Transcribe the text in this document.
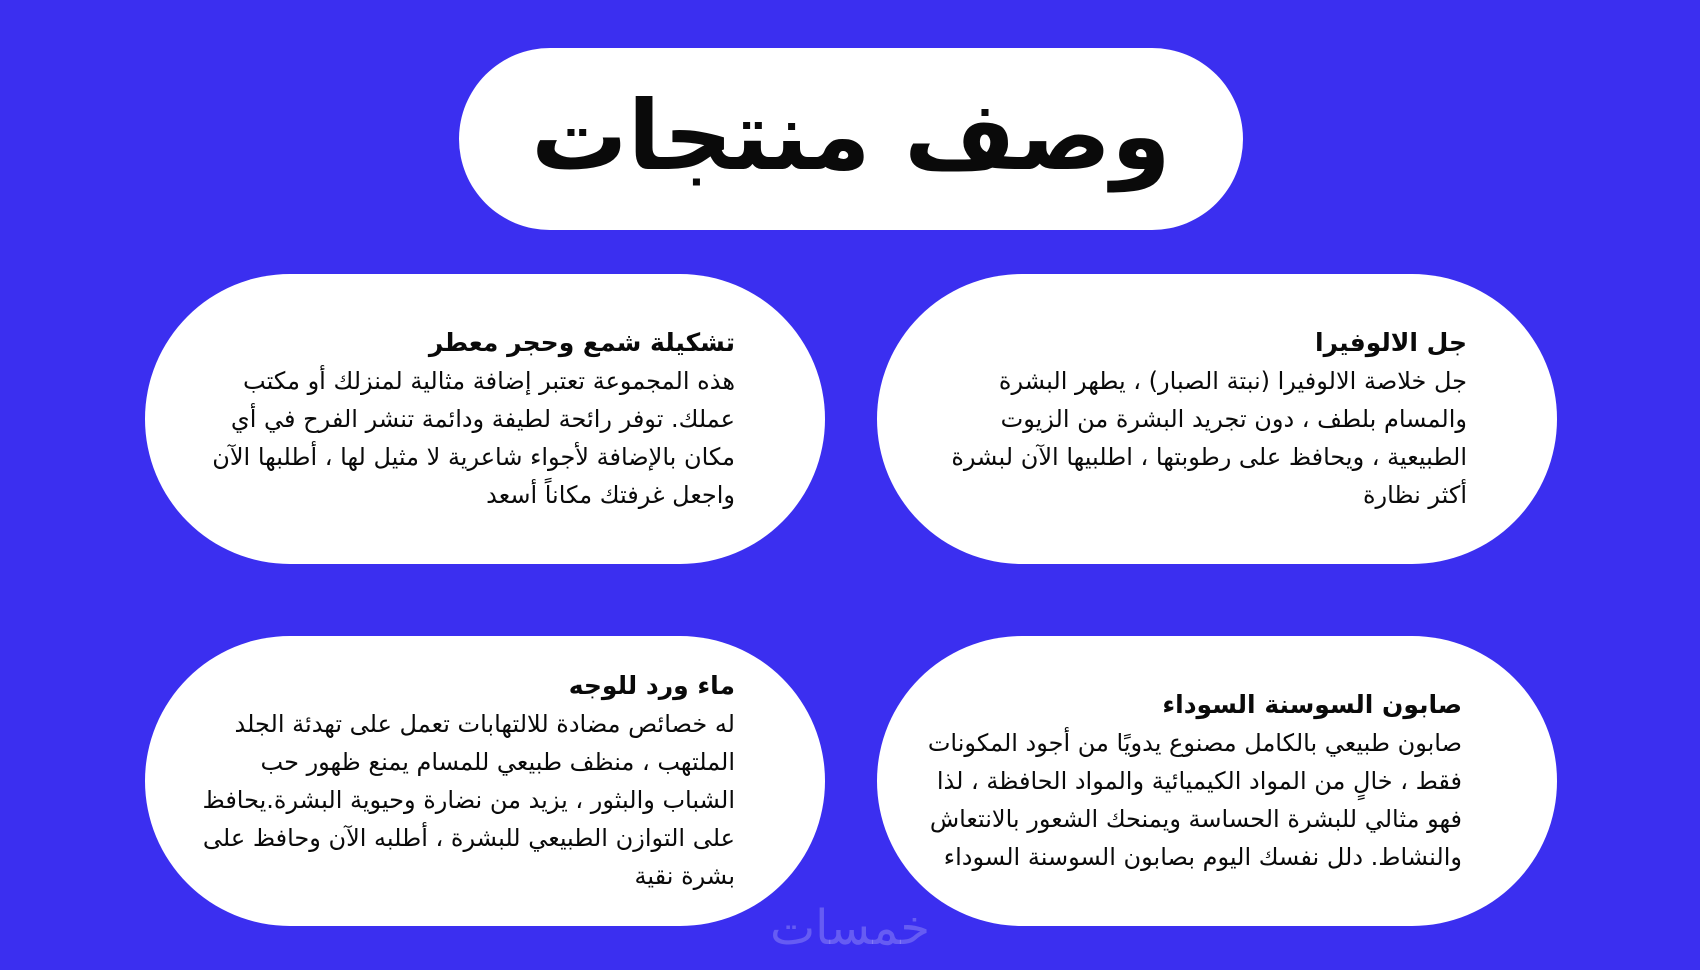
وصف منتجات

جل الالوفيرا

جل خلاصة الالوفيرا (نبتة الصبار) ، يطهر البشرة والمسام بلطف ، دون تجريد البشرة من الزيوت الطبيعية ، ويحافظ على رطوبتها ، اطلبيها الآن لبشرة أكثر نظارة

تشكيلة شمع وحجر معطر

هذه المجموعة تعتبر إضافة مثالية لمنزلك أو مكتب عملك. توفر رائحة لطيفة ودائمة تنشر الفرح في أي مكان بالإضافة لأجواء شاعرية لا مثيل لها ، أطلبها الآن واجعل غرفتك مكاناً أسعد

صابون السوسنة السوداء

صابون طبيعي بالكامل مصنوع يدويًا من أجود المكونات فقط ، خالٍ من المواد الكيميائية والمواد الحافظة ، لذا فهو مثالي للبشرة الحساسة ويمنحك الشعور بالانتعاش والنشاط. دلل نفسك اليوم بصابون السوسنة السوداء

ماء ورد للوجه

له خصائص مضادة للالتهابات تعمل على تهدئة الجلد الملتهب ، منظف طبيعي للمسام يمنع ظهور حب الشباب والبثور ، يزيد من نضارة وحيوية البشرة.يحافظ على التوازن الطبيعي للبشرة ، أطلبه الآن وحافظ على بشرة نقية

خمسات
